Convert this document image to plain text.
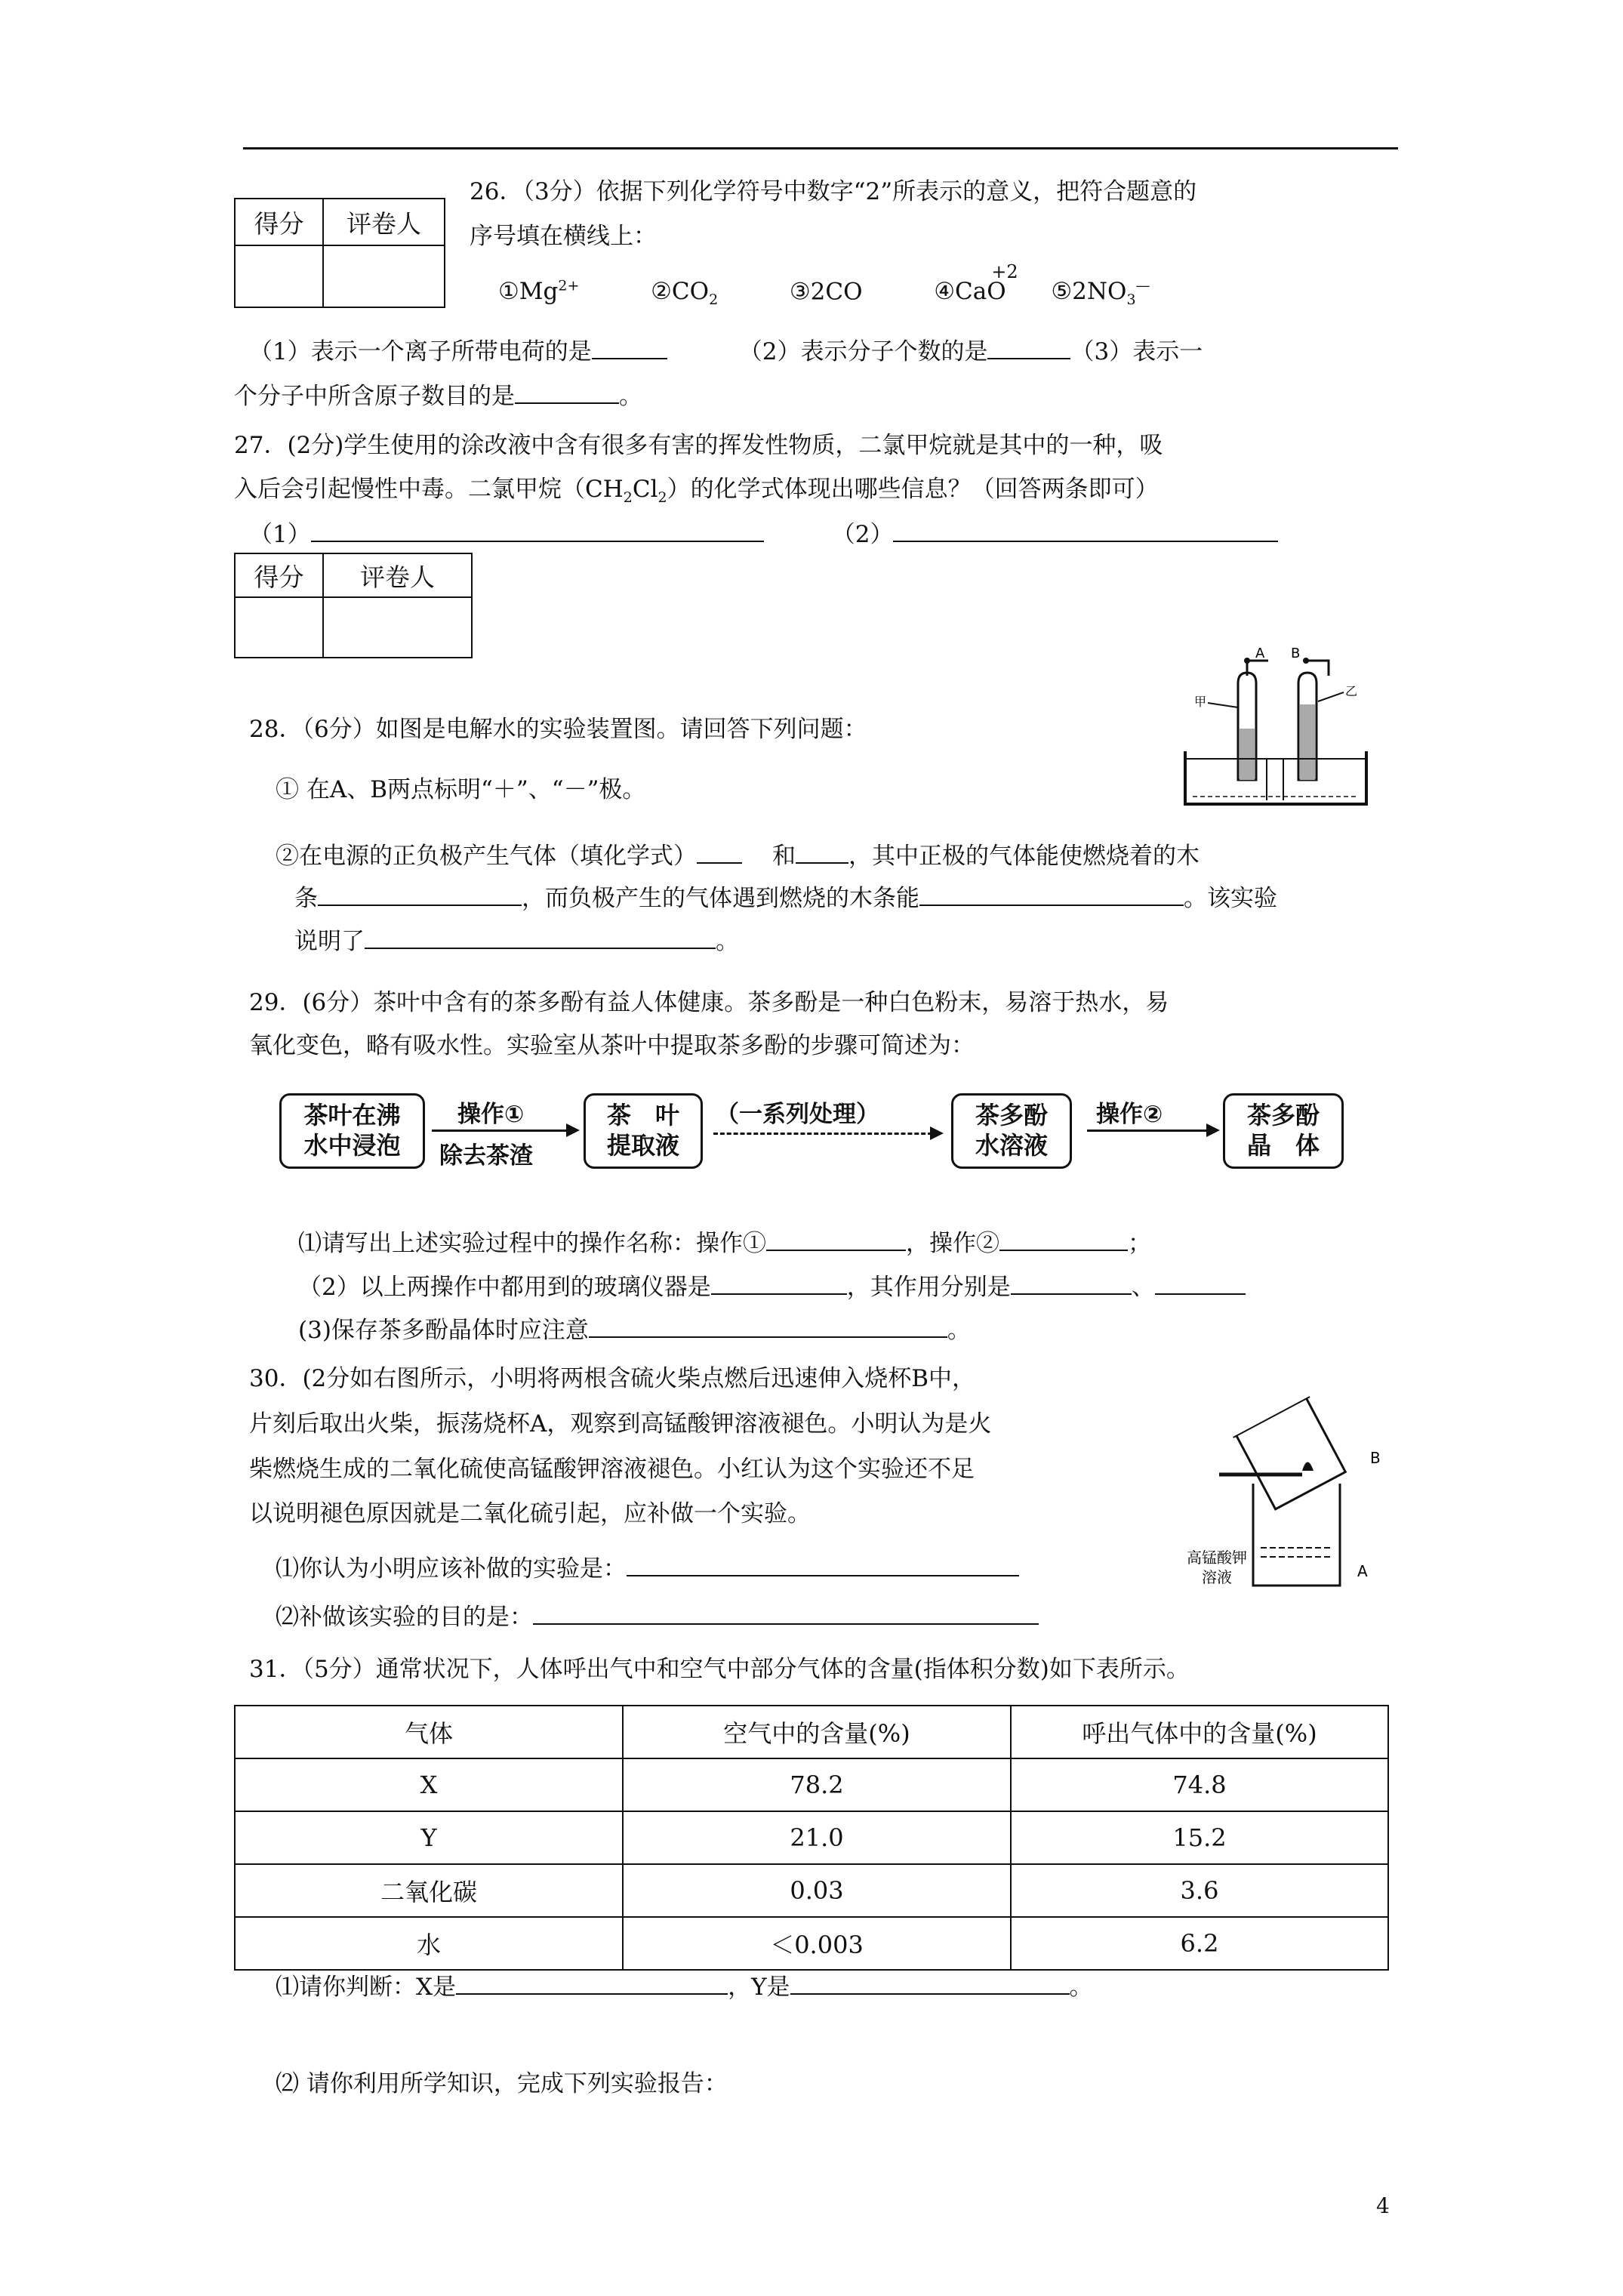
得分	评卷人

26．（3分）依据下列化学符号中数字“2”所表示的意义，把符合题意的
序号填在横线上：
$①Mg^{2+}$	$②CO_2$	③2CO	④CaO
+2
$⑤2NO_3^—$
（1）表示一个离子所带电荷的是	（2）表示分子个数的是	（3）表示一
个分子中所含原子数目的是	。
27．(2分)学生使用的涂改液中含有很多有害的挥发性物质，二氯甲烷就是其中的一种，吸
入后会引起慢性中毒。二氯甲烷$(CH_2Cl_2)$的化学式体现出哪些信息？（回答两条即可）
（1）	（2）
得分	评卷人

28．（6分）如图是电解水的实验装置图。请回答下列问题：
① 在A、B两点标明“＋”、“－”极。
②在电源的正负极产生气体（填化学式）	和 ，其中正极的气体能使燃烧着的木
条	，而负极产生的气体遇到燃烧的木条能	。该实验
说明了	。
A B
甲
乙
29．(6分）茶叶中含有的茶多酚有益人体健康。茶多酚是一种白色粉末，易溶于热水，易
氧化变色，略有吸水性。实验室从茶叶中提取茶多酚的步骤可简述为：
茶叶在沸
水中浸泡
操作①
除去茶渣
茶　叶
提取液
（一系列处理）	茶多酚
水溶液
操作②	茶多酚
晶　体
⑴请写出上述实验过程中的操作名称：操作①	，操作②	；
（2）以上两操作中都用到的玻璃仪器是	，其作用分别是	、
(3)保存茶多酚晶体时应注意	。
30．(2分如右图所示，小明将两根含硫火柴点燃后迅速伸入烧杯B中，
片刻后取出火柴，振荡烧杯A，观察到高锰酸钾溶液褪色。小明认为是火
柴燃烧生成的二氧化硫使高锰酸钾溶液褪色。小红认为这个实验还不足
以说明褪色原因就是二氧化硫引起，应补做一个实验。
⑴你认为小明应该补做的实验是：
⑵补做该实验的目的是：
B
A
高锰酸钾
溶液
31．（5分）通常状况下，人体呼出气中和空气中部分气体的含量(指体积分数)如下表所示。
气体	空气中的含量(%)	呼出气体中的含量(%)
X	78.2	74.8
Y	21.0	15.2
二氧化碳	0.03	3.6
水	＜0.003	6.2
⑴请你判断：X是	，Y是	。
⑵ 请你利用所学知识，完成下列实验报告：
4
